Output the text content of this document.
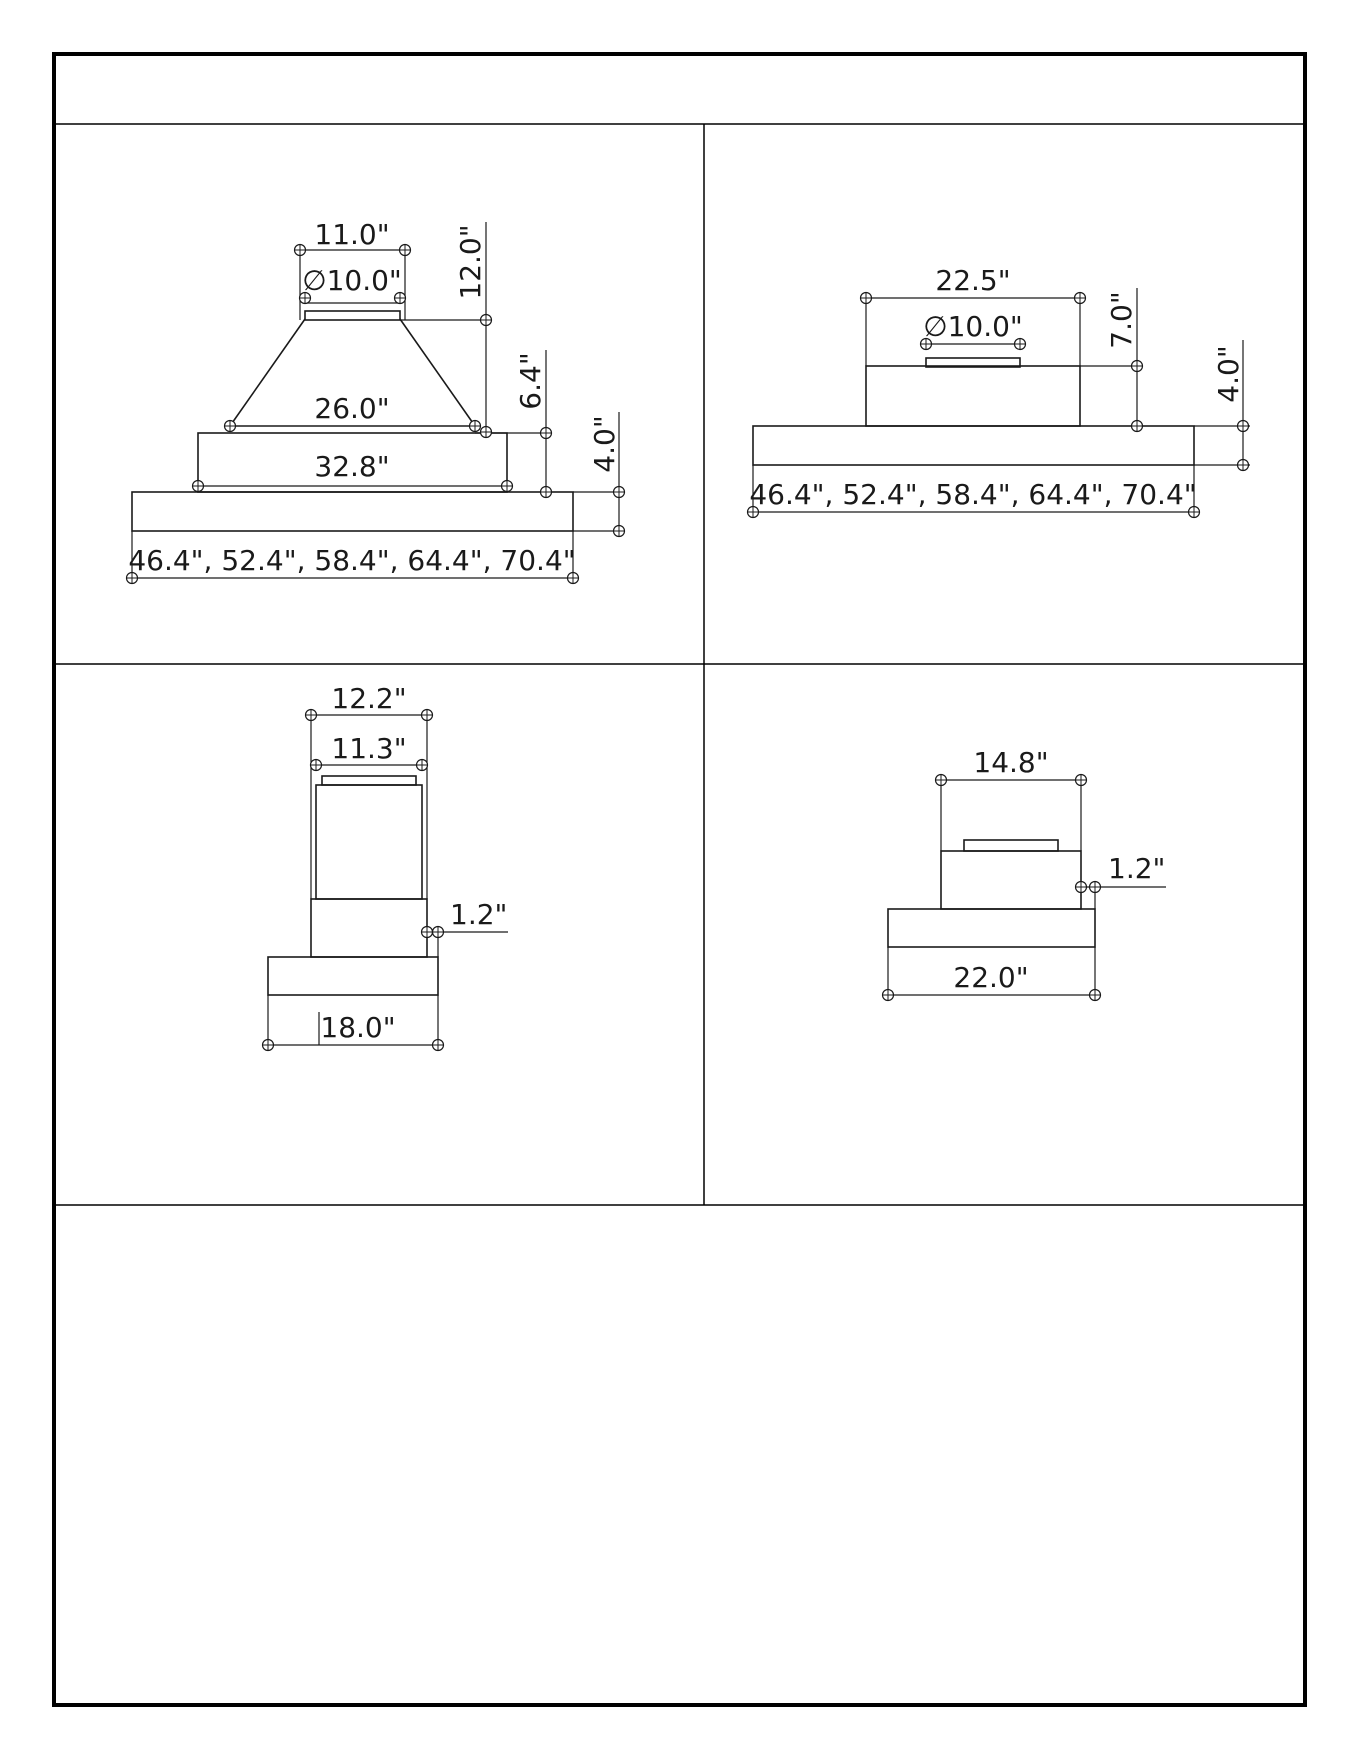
11.0"
∅10.0" 12.0"
26.0"	6.4"
32.8"	4.0"
46.4", 52.4", 58.4", 64.4", 70.4"
22.5"
∅10.0"	7.0"
4.0"
46.4", 52.4", 58.4", 64.4", 70.4"
12.2"
11.3"
1.2"
18.0"
14.8"
1.2"
22.0"
